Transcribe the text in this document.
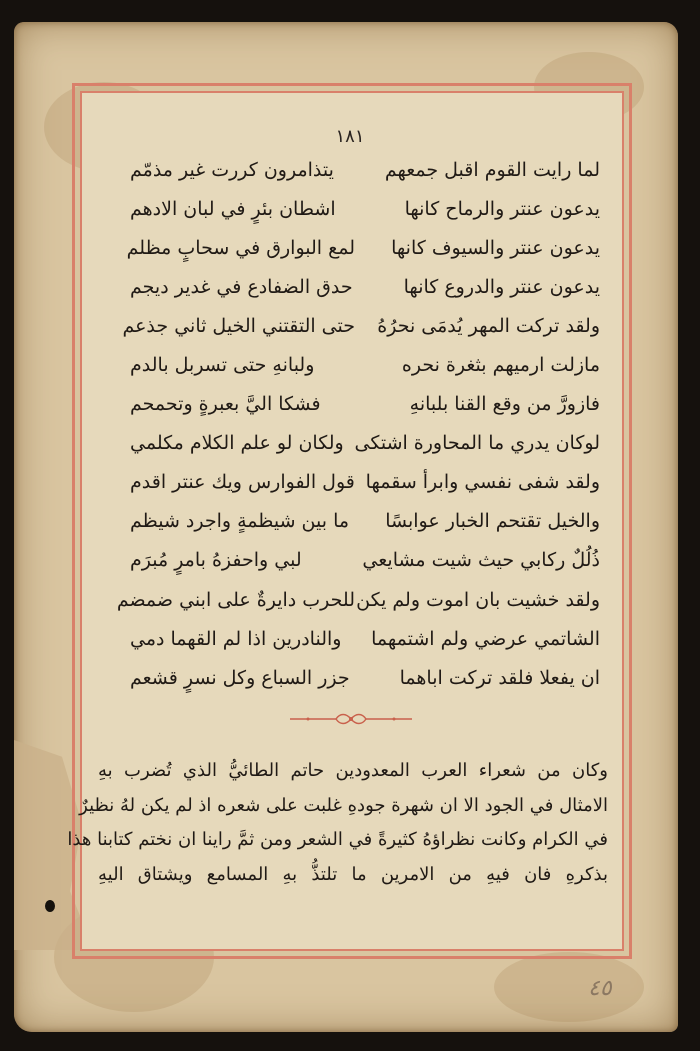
١٨١
لما رايت القوم اقبل جمعهم
يتذامرون كررت غير مذمّم
يدعون عنتر والرماح كانها
اشطان بئرٍ في لبان الادهم
يدعون عنتر والسيوف كانها
لمع البوارق في سحابٍ مظلم
يدعون عنتر والدروع كانها
حدق الضفادع في غدير ديجم
ولقد تركت المهر يُدمَى نحرُهُ
حتى التقتني الخيل ثاني جذعم
مازلت ارميهم بثغرة نحره
ولبانهِ حتى تسربل بالدم
فازورَّ من وقع القنا بلبانهِ
فشكا اليَّ بعبرةٍ وتحمحم
لوكان يدري ما المحاورة اشتكى
ولكان لو علم الكلام مكلمي
ولقد شفى نفسي وابرأ سقمها
قول الفوارس ويك عنتر اقدم
والخيل تقتحم الخبار عوابسًا
ما بين شيظمةٍ واجرد شيظم
ذُلُلٌ ركابي حيث شيت مشايعي
لبي واحفزهُ بامرٍ مُبرَم
ولقد خشيت بان اموت ولم يكن
للحرب دايرةٌ على ابني ضمضم
الشاتمي عرضي ولم اشتمهما
والنادرين اذا لم القهما دمي
ان يفعلا فلقد تركت اباهما
جزر السباع وكل نسرٍ قشعم
وكان من شعراء العرب المعدودين حاتم الطائيُّ الذي تُضرب بهِ
الامثال في الجود الا ان شهرة جودهِ غلبت على شعره اذ لم يكن لهُ نظيرٌ
في الكرام وكانت نظراؤهُ كثيرةً في الشعر ومن ثمَّ راينا ان نختم كتابنا هذا
بذكرهِ فان فيهِ من الامرين ما تلتذُّ بهِ المسامع ويشتاق اليهِ
٤٥
